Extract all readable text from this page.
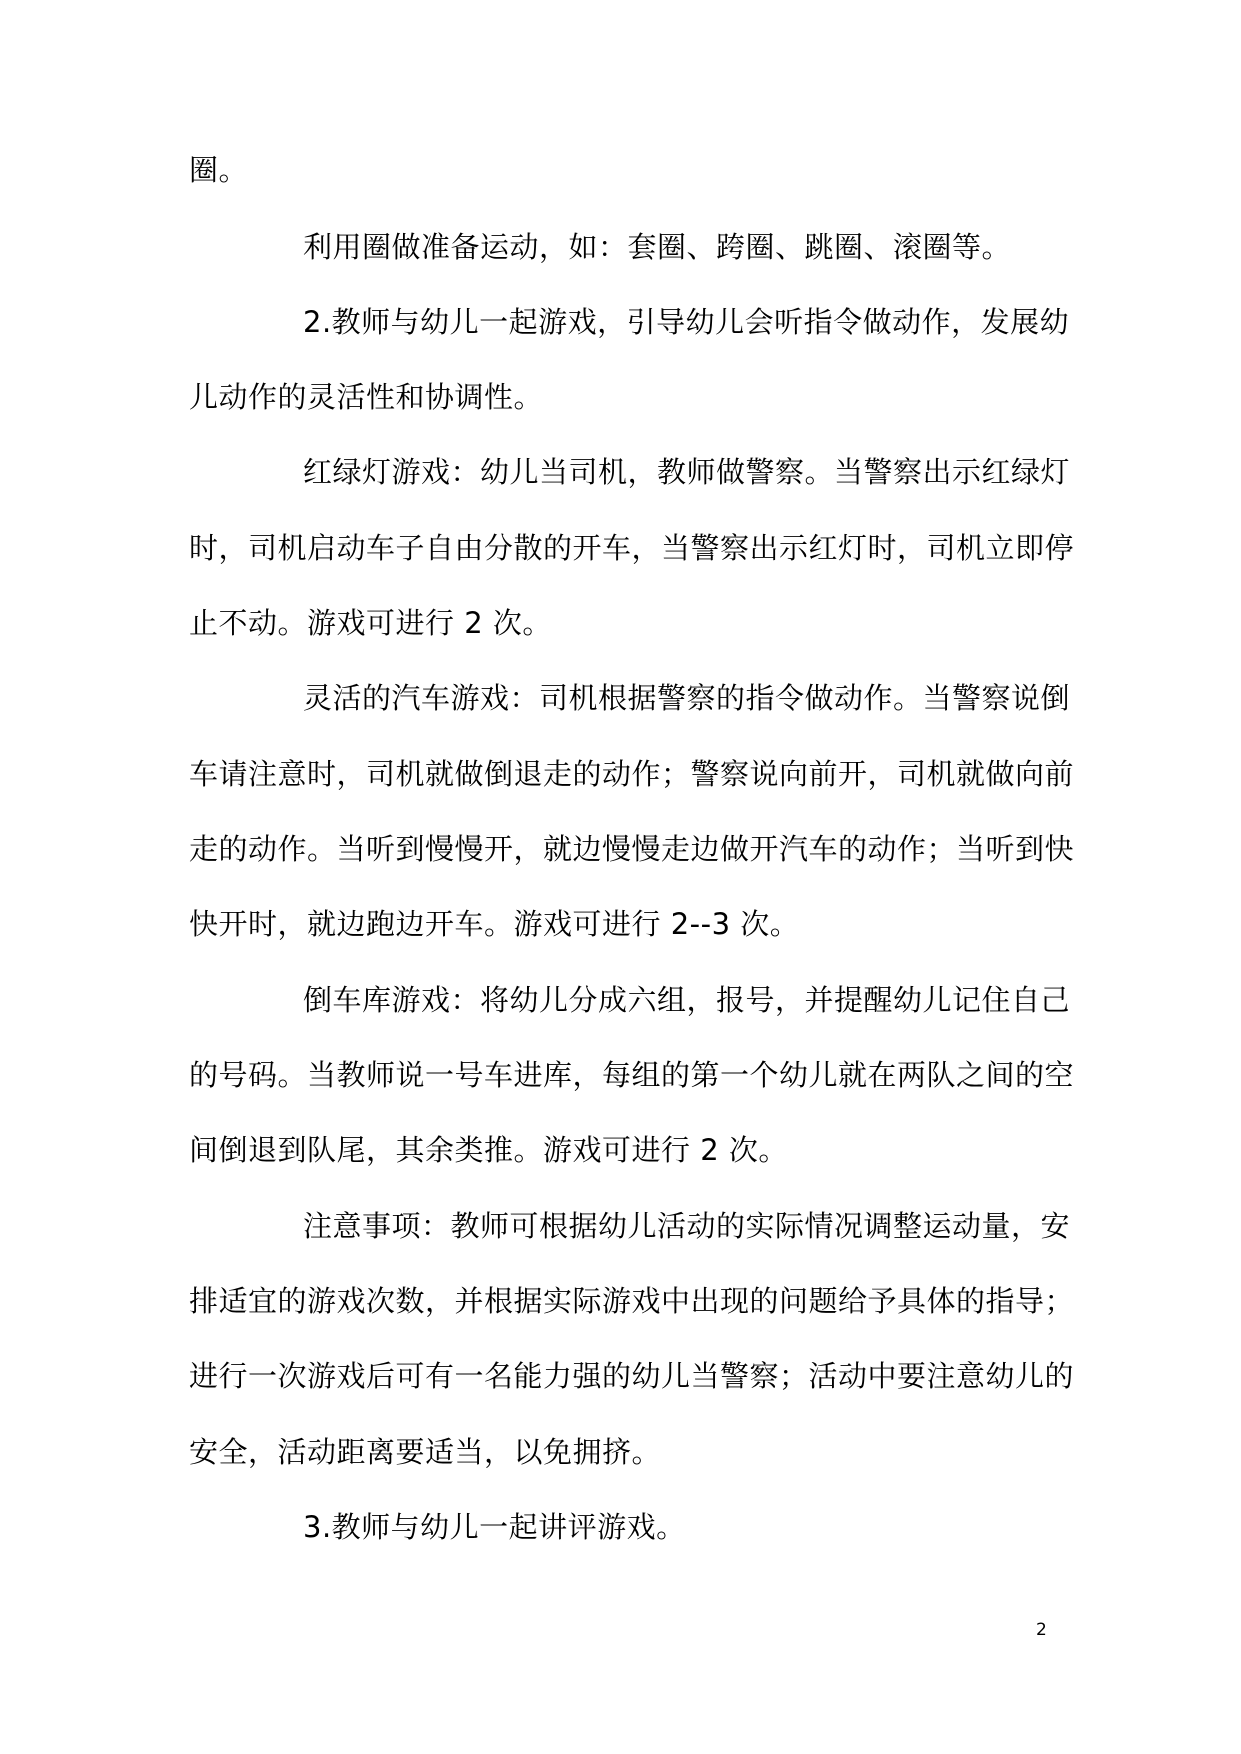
圈。

利用圈做准备运动，如：套圈、跨圈、跳圈、滚圈等。

2.教师与幼儿一起游戏，引导幼儿会听指令做动作，发展幼

儿动作的灵活性和协调性。

红绿灯游戏：幼儿当司机，教师做警察。当警察出示红绿灯

时，司机启动车子自由分散的开车，当警察出示红灯时，司机立即停

止不动。游戏可进行 2 次。

灵活的汽车游戏：司机根据警察的指令做动作。当警察说倒

车请注意时，司机就做倒退走的动作；警察说向前开，司机就做向前

走的动作。当听到慢慢开，就边慢慢走边做开汽车的动作；当听到快

快开时，就边跑边开车。游戏可进行 2--3 次。

倒车库游戏：将幼儿分成六组，报号，并提醒幼儿记住自己

的号码。当教师说一号车进库，每组的第一个幼儿就在两队之间的空

间倒退到队尾，其余类推。游戏可进行 2 次。

注意事项：教师可根据幼儿活动的实际情况调整运动量，安

排适宜的游戏次数，并根据实际游戏中出现的问题给予具体的指导；

进行一次游戏后可有一名能力强的幼儿当警察；活动中要注意幼儿的

安全，活动距离要适当，以免拥挤。

3.教师与幼儿一起讲评游戏。

2
